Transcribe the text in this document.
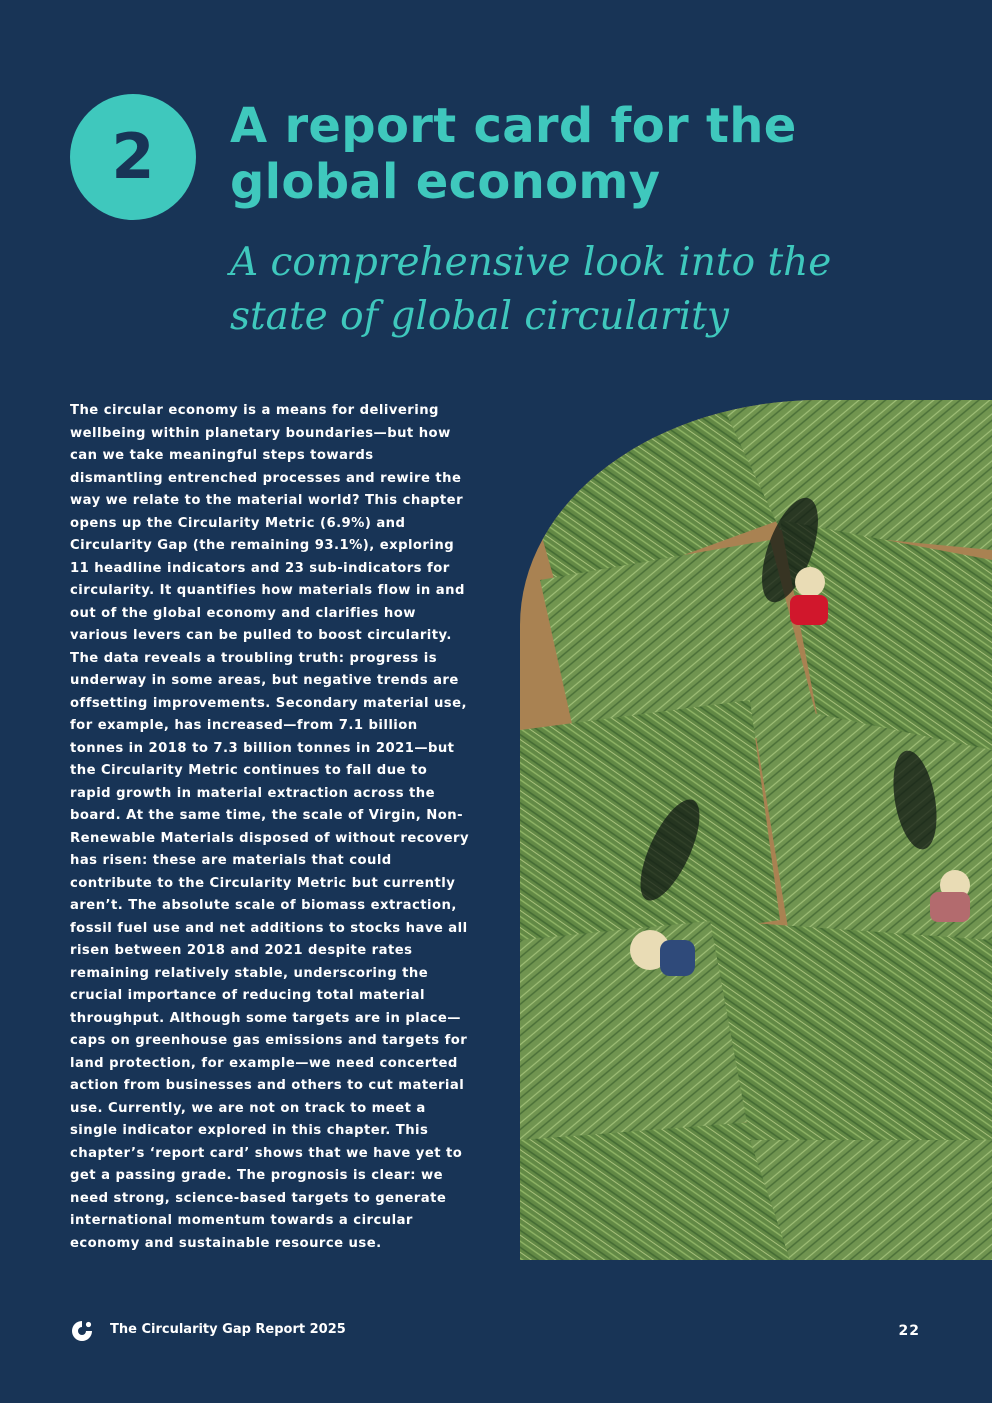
2 A report card for the global economy
A comprehensive look into the state of global circularity

The circular economy is a means for delivering wellbeing within planetary boundaries—but how can we take meaningful steps towards dismantling entrenched processes and rewire the way we relate to the material world? This chapter opens up the Circularity Metric (6.9%) and Circularity Gap (the remaining 93.1%), exploring 11 headline indicators and 23 sub-indicators for circularity. It quantifies how materials flow in and out of the global economy and clarifies how various levers can be pulled to boost circularity. The data reveals a troubling truth: progress is underway in some areas, but negative trends are offsetting improvements. Secondary material use, for example, has increased—from 7.1 billion tonnes in 2018 to 7.3 billion tonnes in 2021—but the Circularity Metric continues to fall due to rapid growth in material extraction across the board. At the same time, the scale of Virgin, Non-Renewable Materials disposed of without recovery has risen: these are materials that could contribute to the Circularity Metric but currently aren’t. The absolute scale of biomass extraction, fossil fuel use and net additions to stocks have all risen between 2018 and 2021 despite rates remaining relatively stable, underscoring the crucial importance of reducing total material throughput. Although some targets are in place—caps on greenhouse gas emissions and targets for land protection, for example—we need concerted action from businesses and others to cut material use. Currently, we are not on track to meet a single indicator explored in this chapter. This chapter’s ‘report card’ shows that we have yet to get a passing grade. The prognosis is clear: we need strong, science-based targets to generate international momentum towards a circular economy and sustainable resource use.

The Circularity Gap Report 2025	22
